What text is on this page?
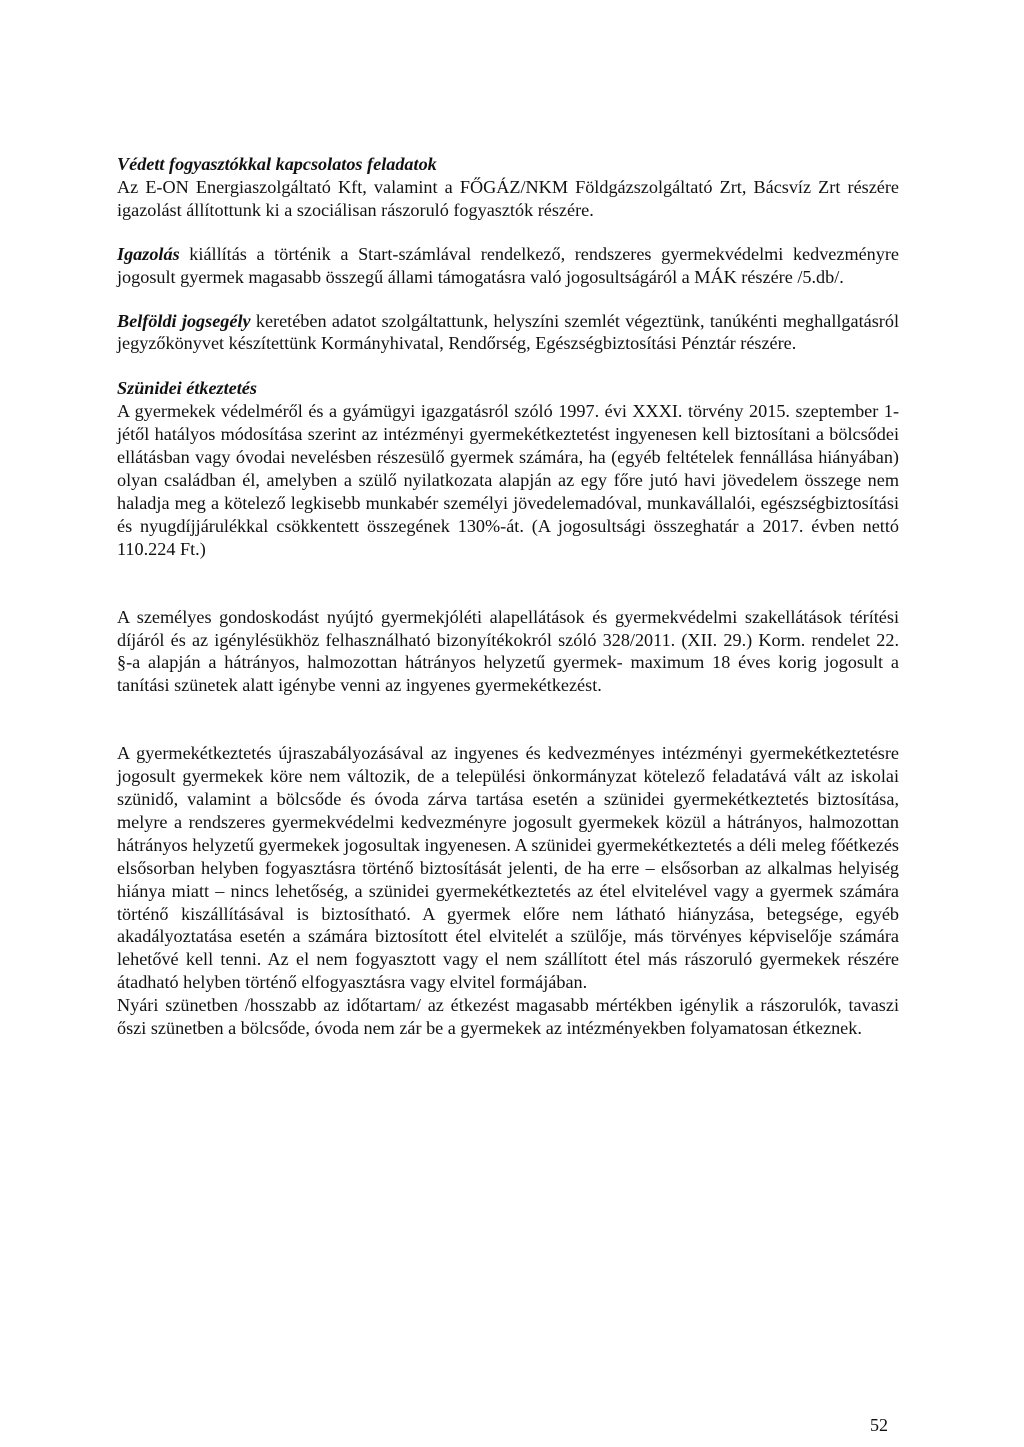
Védett fogyasztókkal kapcsolatos feladatok

Az E-ON Energiaszolgáltató Kft, valamint a FŐGÁZ/NKM Földgázszolgáltató Zrt, Bácsvíz Zrt részére igazolást állítottunk ki a szociálisan rászoruló fogyasztók részére.

Igazolás kiállítás a történik a Start-számlával rendelkező, rendszeres gyermekvédelmi kedvezményre jogosult gyermek magasabb összegű állami támogatásra való jogosultságáról a MÁK részére /5.db/.

Belföldi jogsegély keretében adatot szolgáltattunk, helyszíni szemlét végeztünk, tanúkénti meghallgatásról jegyzőkönyvet készítettünk Kormányhivatal, Rendőrség, Egészségbiztosítási Pénztár részére.

Szünidei étkeztetés

A gyermekek védelméről és a gyámügyi igazgatásról szóló 1997. évi XXXI. törvény 2015. szeptember 1-jétől hatályos módosítása szerint az intézményi gyermekétkeztetést ingyenesen kell biztosítani a bölcsődei ellátásban vagy óvodai nevelésben részesülő gyermek számára, ha (egyéb feltételek fennállása hiányában) olyan családban él, amelyben a szülő nyilatkozata alapján az egy főre jutó havi jövedelem összege nem haladja meg a kötelező legkisebb munkabér személyi jövedelemadóval, munkavállalói, egészségbiztosítási és nyugdíjjárulékkal csökkentett összegének 130%-át. (A jogosultsági összeghatár a 2017. évben nettó 110.224 Ft.)

A személyes gondoskodást nyújtó gyermekjóléti alapellátások és gyermekvédelmi szakellátások térítési díjáról és az igénylésükhöz felhasználható bizonyítékokról szóló 328/2011. (XII. 29.) Korm. rendelet 22. §-a alapján a hátrányos, halmozottan hátrányos helyzetű gyermek- maximum 18 éves korig jogosult a tanítási szünetek alatt igénybe venni az ingyenes gyermekétkezést.

A gyermekétkeztetés újraszabályozásával az ingyenes és kedvezményes intézményi gyermekétkeztetésre jogosult gyermekek köre nem változik, de a települési önkormányzat kötelező feladatává vált az iskolai szünidő, valamint a bölcsőde és óvoda zárva tartása esetén a szünidei gyermekétkeztetés biztosítása, melyre a rendszeres gyermekvédelmi kedvezményre jogosult gyermekek közül a hátrányos, halmozottan hátrányos helyzetű gyermekek jogosultak ingyenesen. A szünidei gyermekétkeztetés a déli meleg főétkezés elsősorban helyben fogyasztásra történő biztosítását jelenti, de ha erre – elsősorban az alkalmas helyiség hiánya miatt – nincs lehetőség, a szünidei gyermekétkeztetés az étel elvitelével vagy a gyermek számára történő kiszállításával is biztosítható. A gyermek előre nem látható hiányzása, betegsége, egyéb akadályoztatása esetén a számára biztosított étel elvitelét a szülője, más törvényes képviselője számára lehetővé kell tenni. Az el nem fogyasztott vagy el nem szállított étel más rászoruló gyermekek részére átadható helyben történő elfogyasztásra vagy elvitel formájában.

Nyári szünetben /hosszabb az időtartam/ az étkezést magasabb mértékben igénylik a rászorulók, tavaszi őszi szünetben a bölcsőde, óvoda nem zár be a gyermekek az intézményekben folyamatosan étkeznek.

52
